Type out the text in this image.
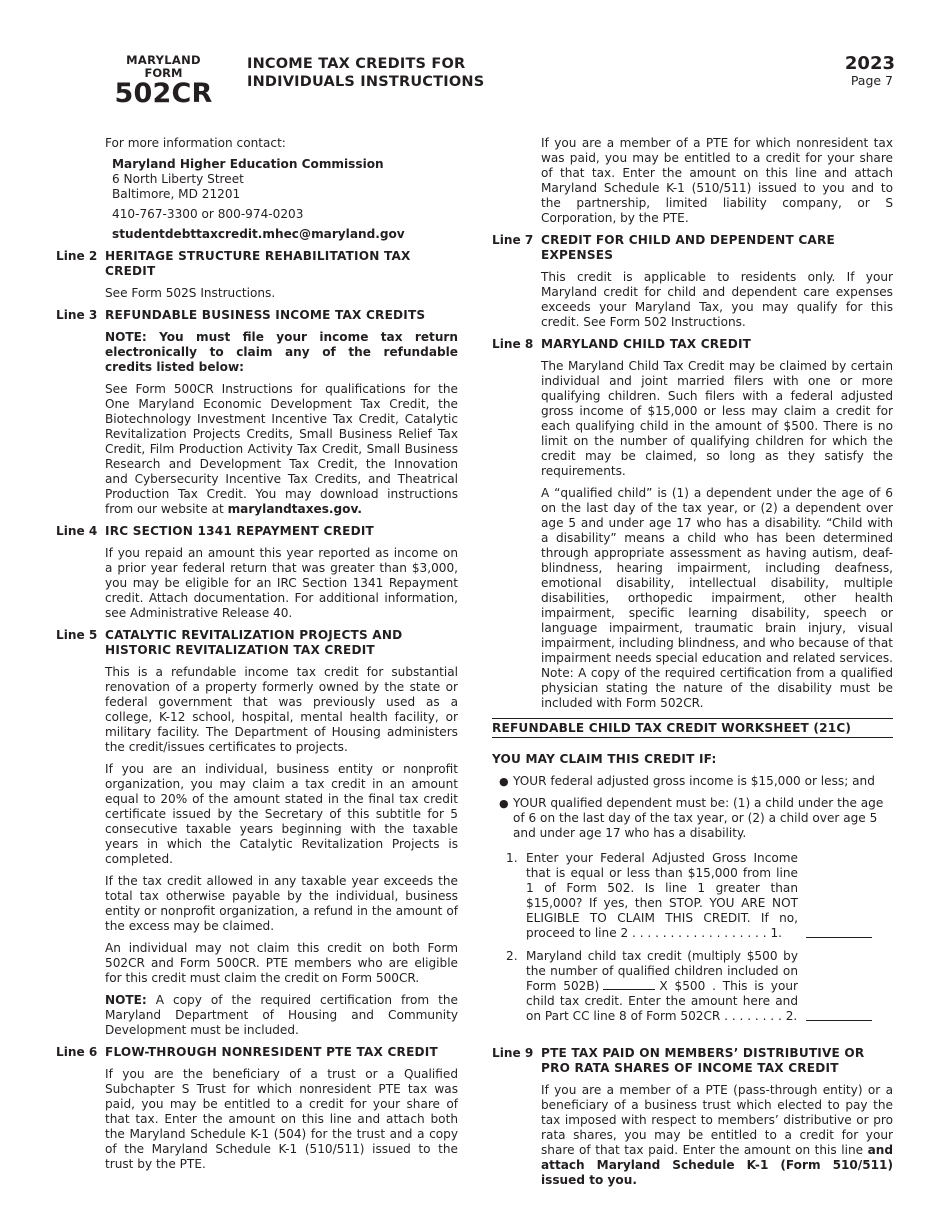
MARYLAND
FORM
502CR
INCOME TAX CREDITS FOR
INDIVIDUALS INSTRUCTIONS
2023
Page 7

For more information contact:

Maryland Higher Education Commission

6 North Liberty Street

Baltimore, MD 21201

410-767-3300 or 800-974-0203

studentdebttaxcredit.mhec@maryland.gov

Line 2 HERITAGE STRUCTURE REHABILITATION TAX CREDIT

See Form 502S Instructions.

Line 3 REFUNDABLE BUSINESS INCOME TAX CREDITS

NOTE: You must file your income tax return electronically to claim any of the refundable credits listed below:

See Form 500CR Instructions for qualifications for the One Maryland Economic Development Tax Credit, the Biotechnology Investment Incentive Tax Credit, Catalytic Revitalization Projects Credits, Small Business Relief Tax Credit, Film Production Activity Tax Credit, Small Business Research and Development Tax Credit, the Innovation and Cybersecurity Incentive Tax Credits, and Theatrical Production Tax Credit. You may download instructions from our website at marylandtaxes.gov.

Line 4 IRC SECTION 1341 REPAYMENT CREDIT

If you repaid an amount this year reported as income on a prior year federal return that was greater than $3,000, you may be eligible for an IRC Section 1341 Repayment credit. Attach documentation. For additional information, see Administrative Release 40.

Line 5 CATALYTIC REVITALIZATION PROJECTS AND HISTORIC REVITALIZATION TAX CREDIT

This is a refundable income tax credit for substantial renovation of a property formerly owned by the state or federal government that was previously used as a college, K-12 school, hospital, mental health facility, or military facility. The Department of Housing administers the credit/issues certificates to projects.

If you are an individual, business entity or nonprofit organization, you may claim a tax credit in an amount equal to 20% of the amount stated in the final tax credit certificate issued by the Secretary of this subtitle for 5 consecutive taxable years beginning with the taxable years in which the Catalytic Revitalization Projects is completed.

If the tax credit allowed in any taxable year exceeds the total tax otherwise payable by the individual, business entity or nonprofit organization, a refund in the amount of the excess may be claimed.

An individual may not claim this credit on both Form 502CR and Form 500CR. PTE members who are eligible for this credit must claim the credit on Form 500CR.

NOTE: A copy of the required certification from the Maryland Department of Housing and Community Development must be included.

Line 6 FLOW-THROUGH NONRESIDENT PTE TAX CREDIT

If you are the beneficiary of a trust or a Qualified Subchapter S Trust for which nonresident PTE tax was paid, you may be entitled to a credit for your share of that tax. Enter the amount on this line and attach both the Maryland Schedule K-1 (504) for the trust and a copy of the Maryland Schedule K-1 (510/511) issued to the trust by the PTE.

If you are a member of a PTE for which nonresident tax was paid, you may be entitled to a credit for your share of that tax. Enter the amount on this line and attach Maryland Schedule K-1 (510/511) issued to you and to the partnership, limited liability company, or S Corporation, by the PTE.

Line 7 CREDIT FOR CHILD AND DEPENDENT CARE EXPENSES

This credit is applicable to residents only. If your Maryland credit for child and dependent care expenses exceeds your Maryland Tax, you may qualify for this credit. See Form 502 Instructions.

Line 8 MARYLAND CHILD TAX CREDIT

The Maryland Child Tax Credit may be claimed by certain individual and joint married filers with one or more qualifying children. Such filers with a federal adjusted gross income of $15,000 or less may claim a credit for each qualifying child in the amount of $500. There is no limit on the number of qualifying children for which the credit may be claimed, so long as they satisfy the requirements.

A “qualified child” is (1) a dependent under the age of 6 on the last day of the tax year, or (2) a dependent over age 5 and under age 17 who has a disability. “Child with a disability” means a child who has been determined through appropriate assessment as having autism, deaf-blindness, hearing impairment, including deafness, emotional disability, intellectual disability, multiple disabilities, orthopedic impairment, other health impairment, specific learning disability, speech or language impairment, traumatic brain injury, visual impairment, including blindness, and who because of that impairment needs special education and related services. Note: A copy of the required certification from a qualified physician stating the nature of the disability must be included with Form 502CR.

REFUNDABLE CHILD TAX CREDIT WORKSHEET (21C)
YOU MAY CLAIM THIS CREDIT IF:
● YOUR federal adjusted gross income is $15,000 or less; and
● YOUR qualified dependent must be: (1) a child under the age of 6 on the last day of the tax year, or (2) a child over age 5 and under age 17 who has a disability.
1. Enter your Federal Adjusted Gross Income that is equal or less than $15,000 from line 1 of Form 502. Is line 1 greater than $15,000? If yes, then STOP. YOU ARE NOT ELIGIBLE TO CLAIM THIS CREDIT. If no, proceed to line 2 . . . . . . . . . . . . . . . . . . 1.
2. Maryland child tax credit (multiply $500 by the number of qualified children included on Form 502B)	X $500 . This is your child tax credit. Enter the amount here and on Part CC line 8 of Form 502CR . . . . . . . . 2.
Line 9 PTE TAX PAID ON MEMBERS’ DISTRIBUTIVE OR PRO RATA SHARES OF INCOME TAX CREDIT

If you are a member of a PTE (pass-through entity) or a beneficiary of a business trust which elected to pay the tax imposed with respect to members’ distributive or pro rata shares, you may be entitled to a credit for your share of that tax paid. Enter the amount on this line and attach Maryland Schedule K-1 (Form 510/511) issued to you.
